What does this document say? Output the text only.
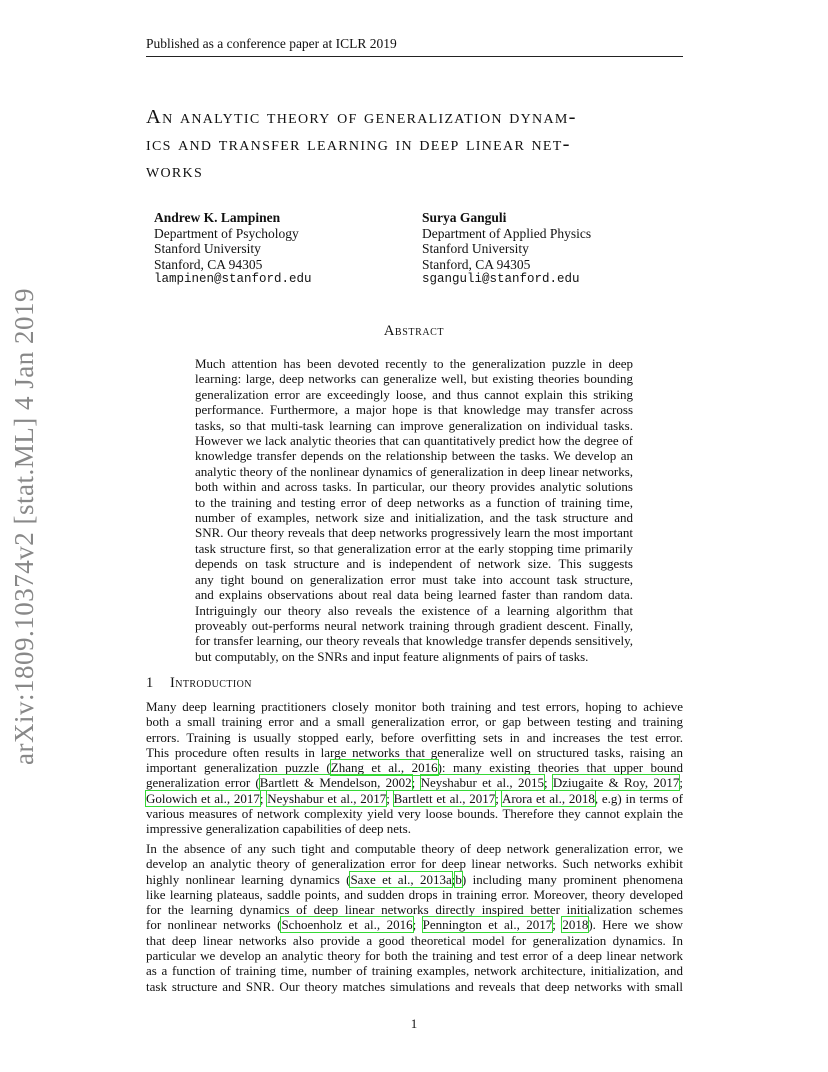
Published as a conference paper at ICLR 2019
arXiv:1809.10374v2 [stat.ML] 4 Jan 2019
An analytic theory of generalization dynam-
ics and transfer learning in deep linear net-
works
Andrew K. Lampinen
Department of Psychology
Stanford University
Stanford, CA 94305
lampinen@stanford.edu
Surya Ganguli
Department of Applied Physics
Stanford University
Stanford, CA 94305
sganguli@stanford.edu
Abstract
Much attention has been devoted recently to the generalization puzzle in deep
learning: large, deep networks can generalize well, but existing theories bounding
generalization error are exceedingly loose, and thus cannot explain this striking
performance. Furthermore, a major hope is that knowledge may transfer across
tasks, so that multi-task learning can improve generalization on individual tasks.
However we lack analytic theories that can quantitatively predict how the degree of
knowledge transfer depends on the relationship between the tasks. We develop an
analytic theory of the nonlinear dynamics of generalization in deep linear networks,
both within and across tasks. In particular, our theory provides analytic solutions
to the training and testing error of deep networks as a function of training time,
number of examples, network size and initialization, and the task structure and
SNR. Our theory reveals that deep networks progressively learn the most important
task structure first, so that generalization error at the early stopping time primarily
depends on task structure and is independent of network size. This suggests
any tight bound on generalization error must take into account task structure,
and explains observations about real data being learned faster than random data.
Intriguingly our theory also reveals the existence of a learning algorithm that
proveably out-performs neural network training through gradient descent. Finally,
for transfer learning, our theory reveals that knowledge transfer depends sensitively,
but computably, on the SNRs and input feature alignments of pairs of tasks.
1 Introduction
Many deep learning practitioners closely monitor both training and test errors, hoping to achieve
both a small training error and a small generalization error, or gap between testing and training
errors. Training is usually stopped early, before overfitting sets in and increases the test error.
This procedure often results in large networks that generalize well on structured tasks, raising an
important generalization puzzle (Zhang et al., 2016): many existing theories that upper bound
generalization error (Bartlett & Mendelson, 2002; Neyshabur et al., 2015; Dziugaite & Roy, 2017;
Golowich et al., 2017; Neyshabur et al., 2017; Bartlett et al., 2017; Arora et al., 2018, e.g) in terms of
various measures of network complexity yield very loose bounds. Therefore they cannot explain the
impressive generalization capabilities of deep nets.
In the absence of any such tight and computable theory of deep network generalization error, we
develop an analytic theory of generalization error for deep linear networks. Such networks exhibit
highly nonlinear learning dynamics (Saxe et al., 2013a;b) including many prominent phenomena
like learning plateaus, saddle points, and sudden drops in training error. Moreover, theory developed
for the learning dynamics of deep linear networks directly inspired better initialization schemes
for nonlinear networks (Schoenholz et al., 2016; Pennington et al., 2017; 2018). Here we show
that deep linear networks also provide a good theoretical model for generalization dynamics. In
particular we develop an analytic theory for both the training and test error of a deep linear network
as a function of training time, number of training examples, network architecture, initialization, and
task structure and SNR. Our theory matches simulations and reveals that deep networks with small
1
